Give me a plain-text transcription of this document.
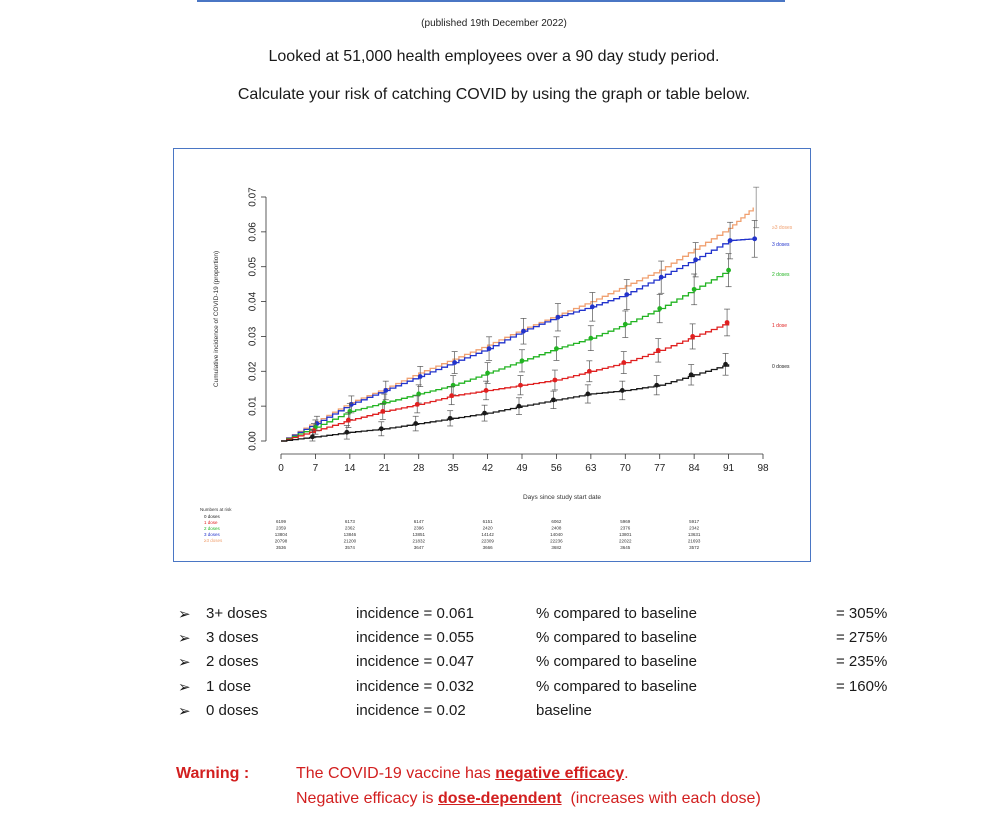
(published 19th December 2022)
Looked at 51,000 health employees over a 90 day study period.
Calculate your risk of catching COVID by using the graph or table below.
0.00
0.01
0.02
0.03
0.04
0.05
0.06
0.07
Cumulative incidence of COVID-19 (proportion)
0	7	14 21 28 35 42 49 56 63 70 77 84 91 98
Days since study start date
≥3 doses
3 doses
2 doses
1 dose
0 doses
Numbers at risk
0 doses
1 dose
2 doses
3 doses
≥3 doses
6199	6173	6147	6151	6062	5969	5917
2359	2362	2396	2420	2408	2376	2342
13804	13846	13851	14142	14040	13801	13631
20798	21200	21832	22309	22236	22022	21693
3536	3574	3647	3666	3682	3645	3572
➢ 3+ doses	incidence = 0.061	% compared to baseline	= 305%
➢ 3 doses	incidence = 0.055	% compared to baseline	= 275%
➢ 2 doses	incidence = 0.047	% compared to baseline	= 235%
➢ 1 dose	incidence = 0.032	% compared to baseline	= 160%
➢ 0 doses	incidence = 0.02	baseline
Warning :	The COVID-19 vaccine has negative efficacy.
Negative efficacy is dose-dependent  (increases with each dose)
